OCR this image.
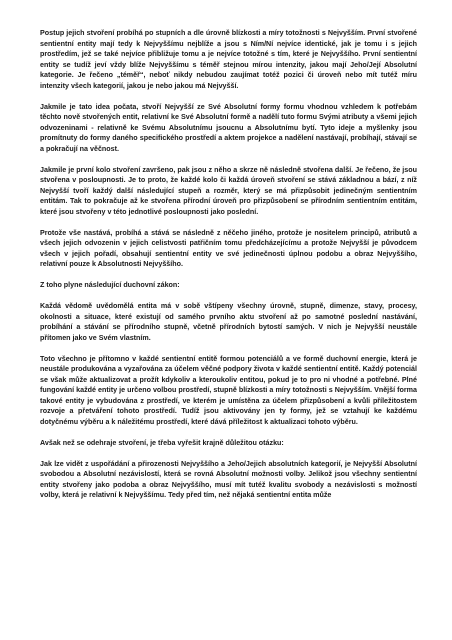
Postup jejich stvoření probíhá po stupních a dle úrovně blízkosti a míry totožnosti s Nejvyšším. První stvořené sentientní entity mají tedy k Nejvyššímu nejblíže a jsou s Ním/Ní nejvíce identické, jak je tomu i s jejich prostředím, jež se také nejvíce přibližuje tomu a je nejvíce totožné s tím, které je Nejvyššího. První sentientní entity se tudíž jeví vždy blíže Nejvyššímu s téměř stejnou mírou intenzity, jakou mají Jeho/Její Absolutní kategorie. Je řečeno „téměř“, neboť nikdy nebudou zaujímat totéž pozici či úroveň nebo mít tutéž míru intenzity všech kategorií, jakou je nebo jakou má Nejvyšší.

Jakmile je tato idea počata, stvoří Nejvyšší ze Své Absolutní formy formu vhodnou vzhledem k potřebám těchto nově stvořených entit, relativní ke Své Absolutní formě a nadělí tuto formu Svými atributy a všemi jejich odvozeninami - relativně ke Svému Absolutnímu jsoucnu a Absolutnímu bytí. Tyto ideje a myšlenky jsou promítnuty do formy daného specifického prostředí a aktem projekce a nadělení nastávají, probíhají, stávají se a pokračují na věčnost.

Jakmile je první kolo stvoření završeno, pak jsou z něho a skrze ně následně stvořena další. Je řečeno, že jsou stvořena v posloupnosti. Je to proto, že každé kolo či každá úroveň stvoření se stává základnou a bází, z níž Nejvyšší tvoří každý další následující stupeň a rozměr, který se má přizpůsobit jedinečným sentientním entitám. Tak to pokračuje až ke stvořena přírodní úroveň pro přizpůsobení se přírodním sentientním entitám, které jsou stvořeny v této jednotlivé posloupnosti jako poslední.

Protože vše nastává, probíhá a stává se následně z něčeho jiného, protože je nositelem principů, atributů a všech jejich odvozenin v jejich celistvosti patřičním tomu předcházejícímu a protože Nejvyšší je původcem všech v jejich pořadí, obsahují sentientní entity ve své jedinečnosti úplnou podobu a obraz Nejvyššího, relativní pouze k Absolutnosti Nejvyššího.

Z toho plyne následující duchovní zákon:

Každá vědomě uvědomělá entita má v sobě vštípeny všechny úrovně, stupně, dimenze, stavy, procesy, okolnosti a situace, které existují od samého prvního aktu stvoření až po samotné poslední nastávání, probíhání a stávání se přírodního stupně, včetně přírodních bytostí samých. V nich je Nejvyšší neustále přítomen jako ve Svém vlastním.

Toto všechno je přítomno v každé sentientní entitě formou potenciálů a ve formě duchovní energie, která je neustále produkována a vyzařována za účelem věčné podpory života v každé sentientní entitě. Každý potenciál se však může aktualizovat a prožít kdykoliv a kteroukoliv entitou, pokud je to pro ni vhodné a potřebné. Plné fungování každé entity je určeno volbou prostředí, stupně blízkosti a míry totožnosti s Nejvyšším. Vnější forma takové entity je vybudována z prostředí, ve kterém je umístěna za účelem přizpůsobení a kvůli příležitostem rozvoje a přetváření tohoto prostředí. Tudíž jsou aktivovány jen ty formy, jež se vztahují ke každému dotyčnému výběru a k náležitému prostředí, které dává příležitost k aktualizaci tohoto výběru.

Avšak než se odehraje stvoření, je třeba vyřešit krajně důležitou otázku:

Jak lze vidět z uspořádání a přirozenosti Nejvyššího a Jeho/Jejich absolutních kategorií, je Nejvyšší Absolutní svobodou a Absolutní nezávislostí, která se rovná Absolutní možnosti volby. Jelikož jsou všechny sentientní entity stvořeny jako podoba a obraz Nejvyššího, musí mít tutéž kvalitu svobody a nezávislosti s možností volby, která je relativní k Nejvyššímu. Tedy před tím, než nějaká sentientní entita může
